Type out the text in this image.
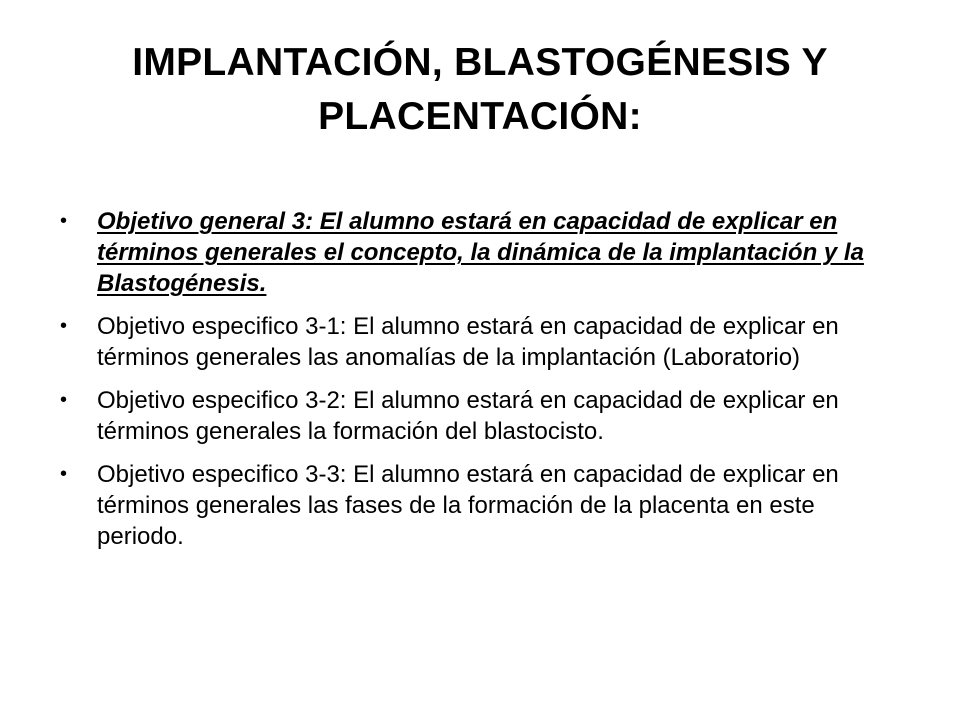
IMPLANTACIÓN, BLASTOGÉNESIS Y
PLACENTACIÓN:
•	Objetivo general 3: El alumno estará en capacidad de explicar en términos generales el concepto, la dinámica de la implantación y la Blastogénesis.
•	Objetivo especifico 3-1: El alumno estará en capacidad de explicar en términos generales las anomalías de la implantación (Laboratorio)
•	Objetivo especifico 3-2: El alumno estará en capacidad de explicar en términos generales la formación del blastocisto.
•	Objetivo especifico 3-3: El alumno estará en capacidad de explicar en términos generales las fases de la formación de la placenta en este periodo.
